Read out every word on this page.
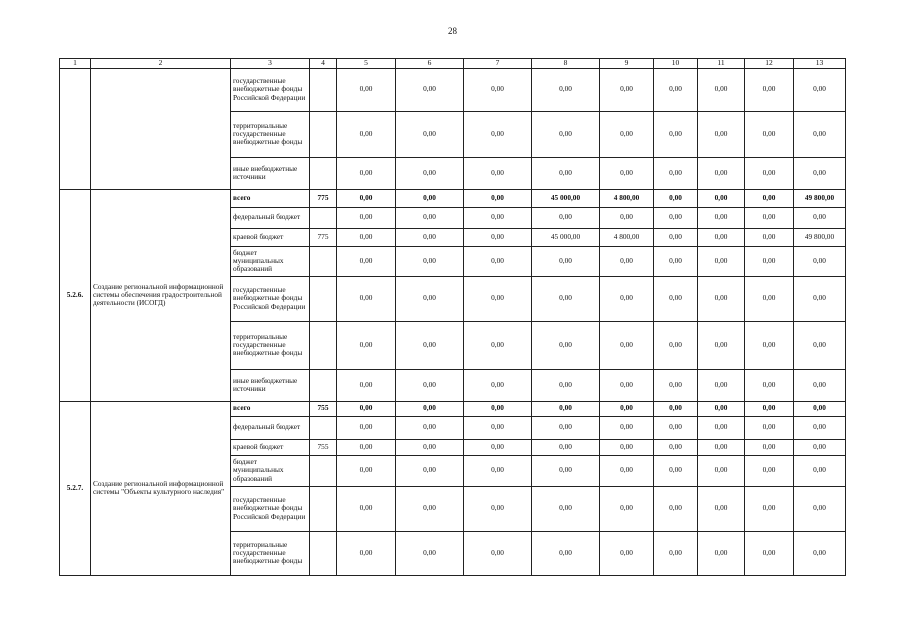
28
1	2	3	4	5	6	7	8	9	10	11	12	13
		государственные внебюджетные фонды Российской Федерации		0,00	0,00	0,00	0,00	0,00	0,00	0,00	0,00	0,00
		территориальные государственные внебюджетные фонды		0,00	0,00	0,00	0,00	0,00	0,00	0,00	0,00	0,00
		иные внебюджетные источники		0,00	0,00	0,00	0,00	0,00	0,00	0,00	0,00	0,00
5.2.6.	Создание региональной информационной системы обеспечения градостроительной деятельности (ИСОГД)	всего	775	0,00	0,00	0,00	45 000,00	4 800,00	0,00	0,00	0,00	49 800,00
		федеральный бюджет		0,00	0,00	0,00	0,00	0,00	0,00	0,00	0,00	0,00
		краевой бюджет	775	0,00	0,00	0,00	45 000,00	4 800,00	0,00	0,00	0,00	49 800,00
		бюджет муниципальных образований		0,00	0,00	0,00	0,00	0,00	0,00	0,00	0,00	0,00
		государственные внебюджетные фонды Российской Федерации		0,00	0,00	0,00	0,00	0,00	0,00	0,00	0,00	0,00
		территориальные государственные внебюджетные фонды		0,00	0,00	0,00	0,00	0,00	0,00	0,00	0,00	0,00
		иные внебюджетные источники		0,00	0,00	0,00	0,00	0,00	0,00	0,00	0,00	0,00
5.2.7.	Создание региональной информационной системы "Объекты культурного наследия"	всего	755	0,00	0,00	0,00	0,00	0,00	0,00	0,00	0,00	0,00
		федеральный бюджет		0,00	0,00	0,00	0,00	0,00	0,00	0,00	0,00	0,00
		краевой бюджет	755	0,00	0,00	0,00	0,00	0,00	0,00	0,00	0,00	0,00
		бюджет муниципальных образований		0,00	0,00	0,00	0,00	0,00	0,00	0,00	0,00	0,00
		государственные внебюджетные фонды Российской Федерации		0,00	0,00	0,00	0,00	0,00	0,00	0,00	0,00	0,00
		территориальные государственные внебюджетные фонды		0,00	0,00	0,00	0,00	0,00	0,00	0,00	0,00	0,00
